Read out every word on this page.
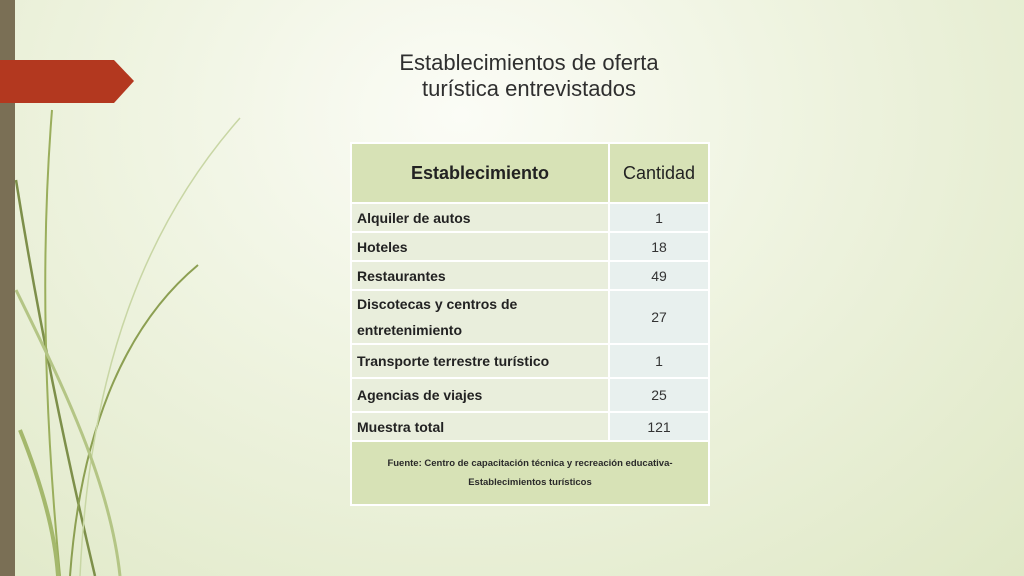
Establecimientos de oferta
turística entrevistados
Establecimiento	Cantidad
Alquiler de autos	1
Hoteles	18
Restaurantes	49
Discotecas y centros de entretenimiento	27
Transporte terrestre turístico	1
Agencias de viajes	25
Muestra total	121

Fuente: Centro de capacitación técnica y recreación educativa-
Establecimientos turísticos	
